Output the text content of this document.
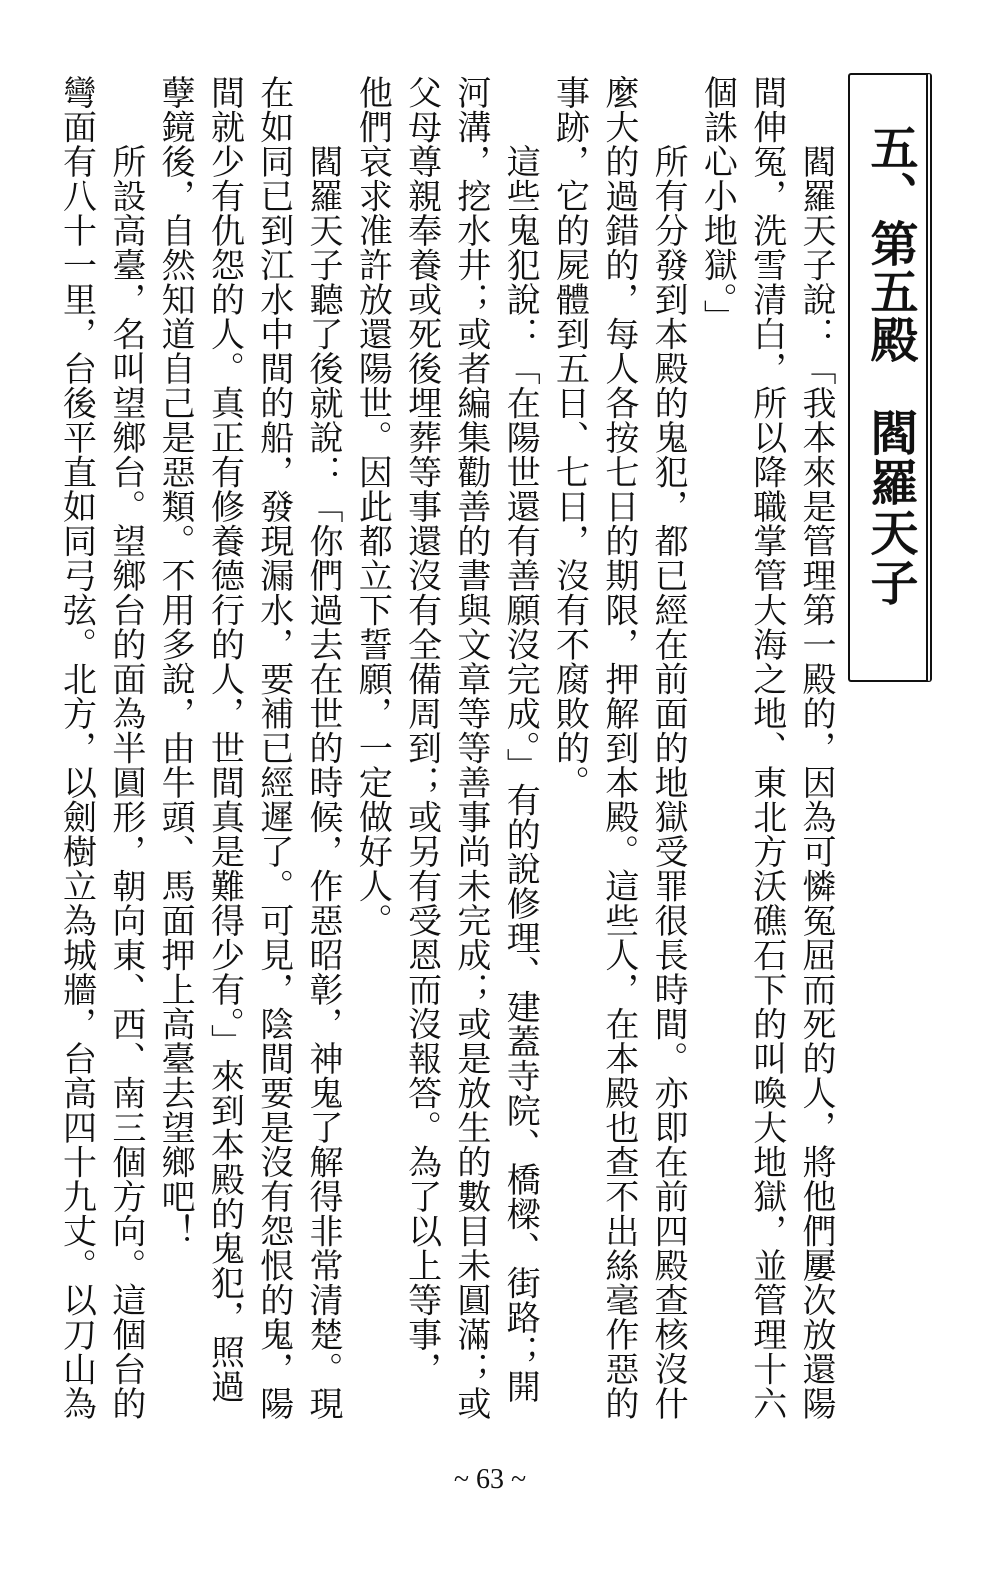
五、第五殿
閻羅天子
閻羅天子說：「我本來是管理第一殿的，因為可憐冤屈而死的人，將他們屢次放還陽
間伸冤，洗雪清白，所以降職掌管大海之地、東北方沃礁石下的叫喚大地獄，並管理十六
個誅心小地獄。」
所有分發到本殿的鬼犯，都已經在前面的地獄受罪很長時間。亦即在前四殿查核沒什
麼大的過錯的，每人各按七日的期限，押解到本殿。這些人，在本殿也查不出絲毫作惡的
事跡，它的屍體到五日、七日，沒有不腐敗的。
這些鬼犯說：「在陽世還有善願沒完成。」有的說修理、建蓋寺院、橋樑、街路；開
河溝，挖水井；或者編集勸善的書與文章等等善事尚未完成；或是放生的數目未圓滿；或
父母尊親奉養或死後埋葬等事還沒有全備周到；或另有受恩而沒報答。為了以上等事，
他們哀求准許放還陽世。因此都立下誓願，一定做好人。
閻羅天子聽了後就說：「你們過去在世的時候，作惡昭彰，神鬼了解得非常清楚。現
在如同已到江水中間的船，發現漏水，要補已經遲了。可見，陰間要是沒有怨恨的鬼，陽
間就少有仇怨的人。真正有修養德行的人，世間真是難得少有。」來到本殿的鬼犯，照過
孽鏡後，自然知道自己是惡類。不用多說，由牛頭、馬面押上高臺去望鄉吧！
所設高臺，名叫望鄉台。望鄉台的面為半圓形，朝向東、西、南三個方向。這個台的
彎面有八十一里，台後平直如同弓弦。北方，以劍樹立為城牆，台高四十九丈。以刀山為
~ 63 ~
